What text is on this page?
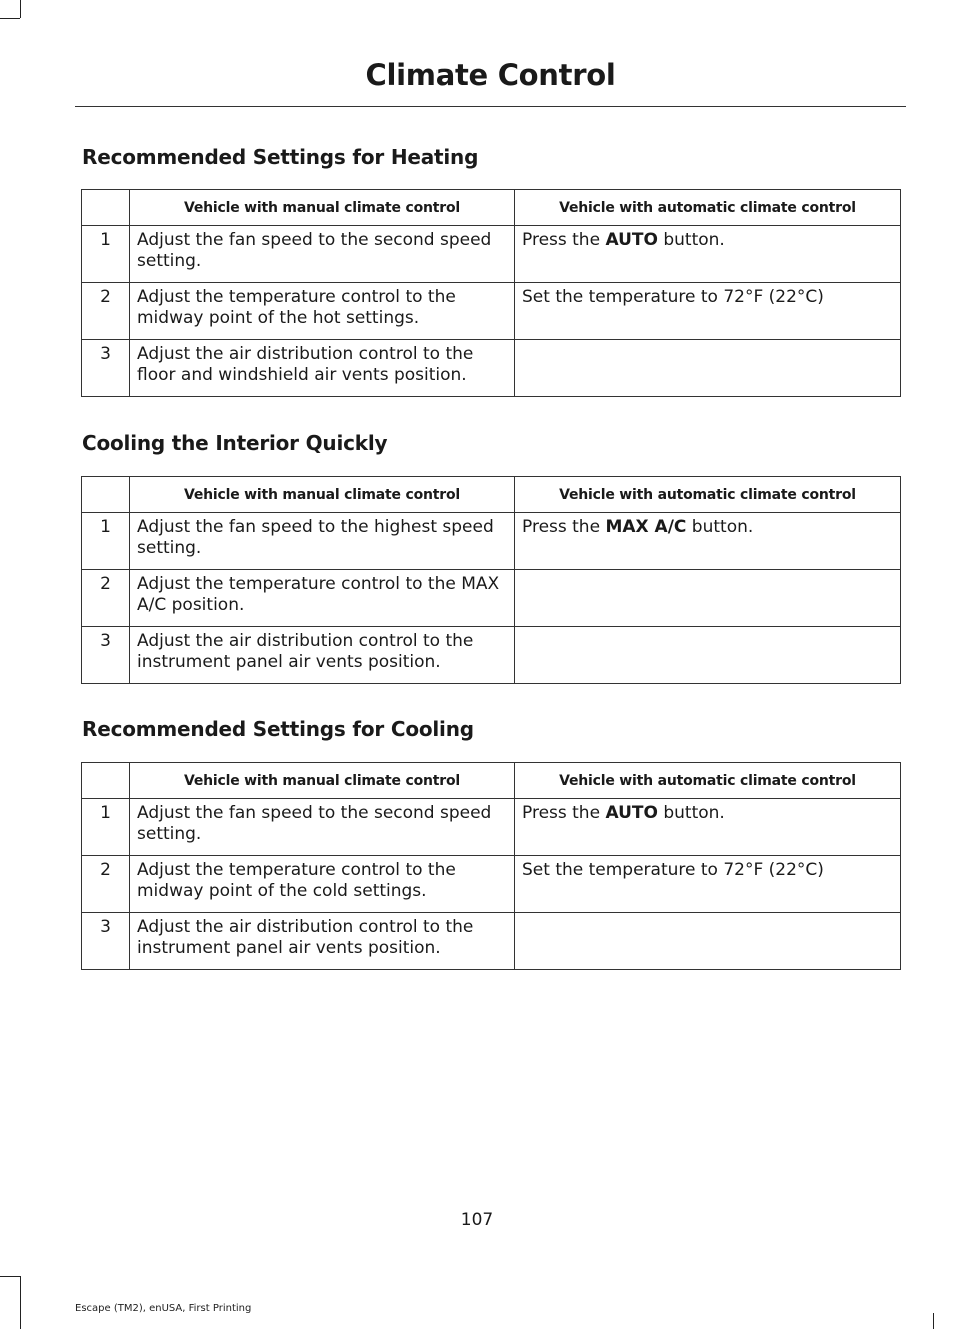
Climate Control
Recommended Settings for Heating
	Vehicle with manual climate control	Vehicle with automatic climate control
1	Adjust the fan speed to the second speed setting.	Press the AUTO button.
2	Adjust the temperature control to the midway point of the hot settings.	Set the temperature to 72°F (22°C)
3	Adjust the air distribution control to the floor and windshield air vents position.	
Cooling the Interior Quickly
	Vehicle with manual climate control	Vehicle with automatic climate control
1	Adjust the fan speed to the highest speed setting.	Press the MAX A/C button.
2	Adjust the temperature control to the MAX A/C position.	
3	Adjust the air distribution control to the instrument panel air vents position.	
Recommended Settings for Cooling
	Vehicle with manual climate control	Vehicle with automatic climate control
1	Adjust the fan speed to the second speed setting.	Press the AUTO button.
2	Adjust the temperature control to the midway point of the cold settings.	Set the temperature to 72°F (22°C)
3	Adjust the air distribution control to the instrument panel air vents position.	
107
Escape (TM2), enUSA, First Printing
